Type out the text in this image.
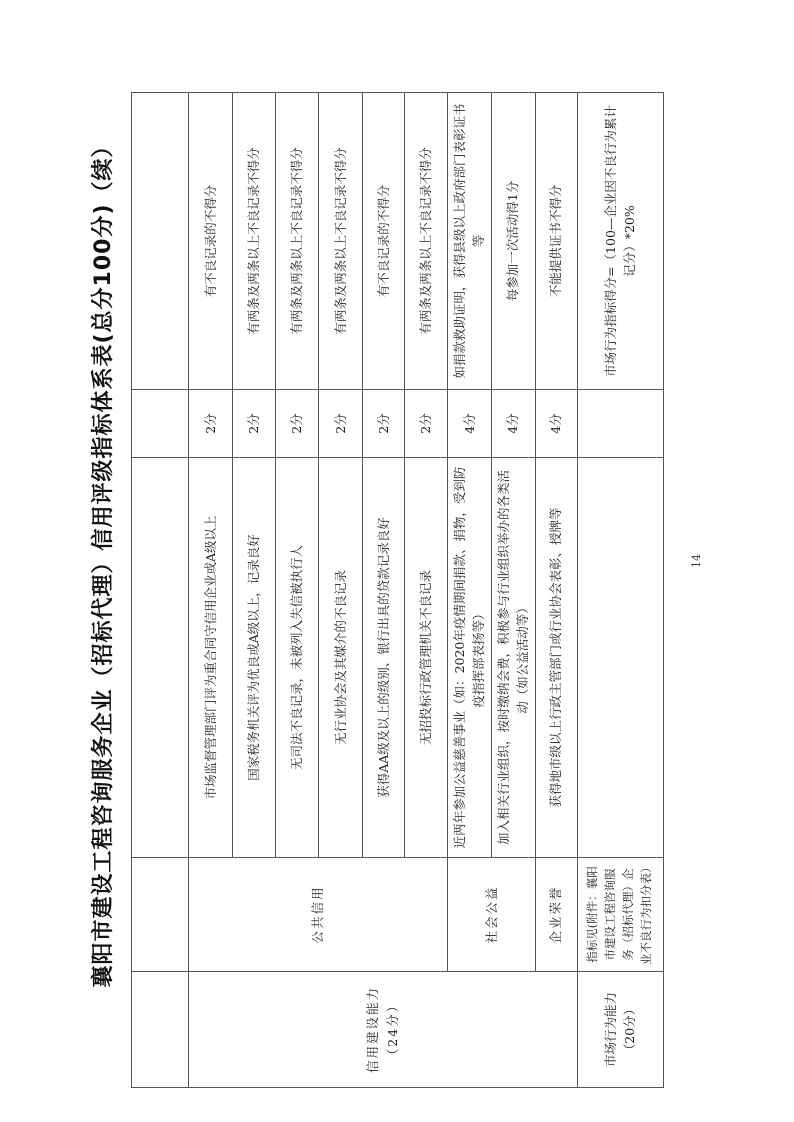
襄阳市建设工程咨询服务企业（招标代理）信用评级指标体系表(总分100分)（续）

信用建设能力（24分）	公共信用	市场监督管理部门评为重合同守信用企业或A级以上	2分	有不良记录的不得分
		国家税务机关评为优良或A级以上，记录良好	2分	有两条及两条以上不良记录不得分
		无司法不良记录，未被列入失信被执行人	2分	有两条及两条以上不良记录不得分
		无行业协会及其媒介的不良记录	2分	有两条及两条以上不良记录不得分
		获得AA级及以上的级别、银行出具的贷款记录良好	2分	有不良记录的不得分
		无招投标行政管理机关不良记录	2分	有两条及两条以上不良记录不得分
	社会公益	近两年参加公益慈善事业（如：2020年疫情期间捐款、捐物，受到防疫指挥部表扬等）	4分	如捐款救助证明，获得县级以上政府部门表彰证书等
		加入相关行业组织，按时缴纳会费，积极参与行业组织举办的各类活动（如公益活动等）	4分	每参加一次活动得1分
	企业荣誉	获得地市级以上行政主管部门或行业协会表彰、授牌等	4分	不能提供证书不得分
市场行为能力（20分）	指标见(附件：襄阳市建设工程咨询服务（招标代理）企业不良行为扣分表）			市场行为指标得分=（100—企业因不良行为累计记分）*20%
14
